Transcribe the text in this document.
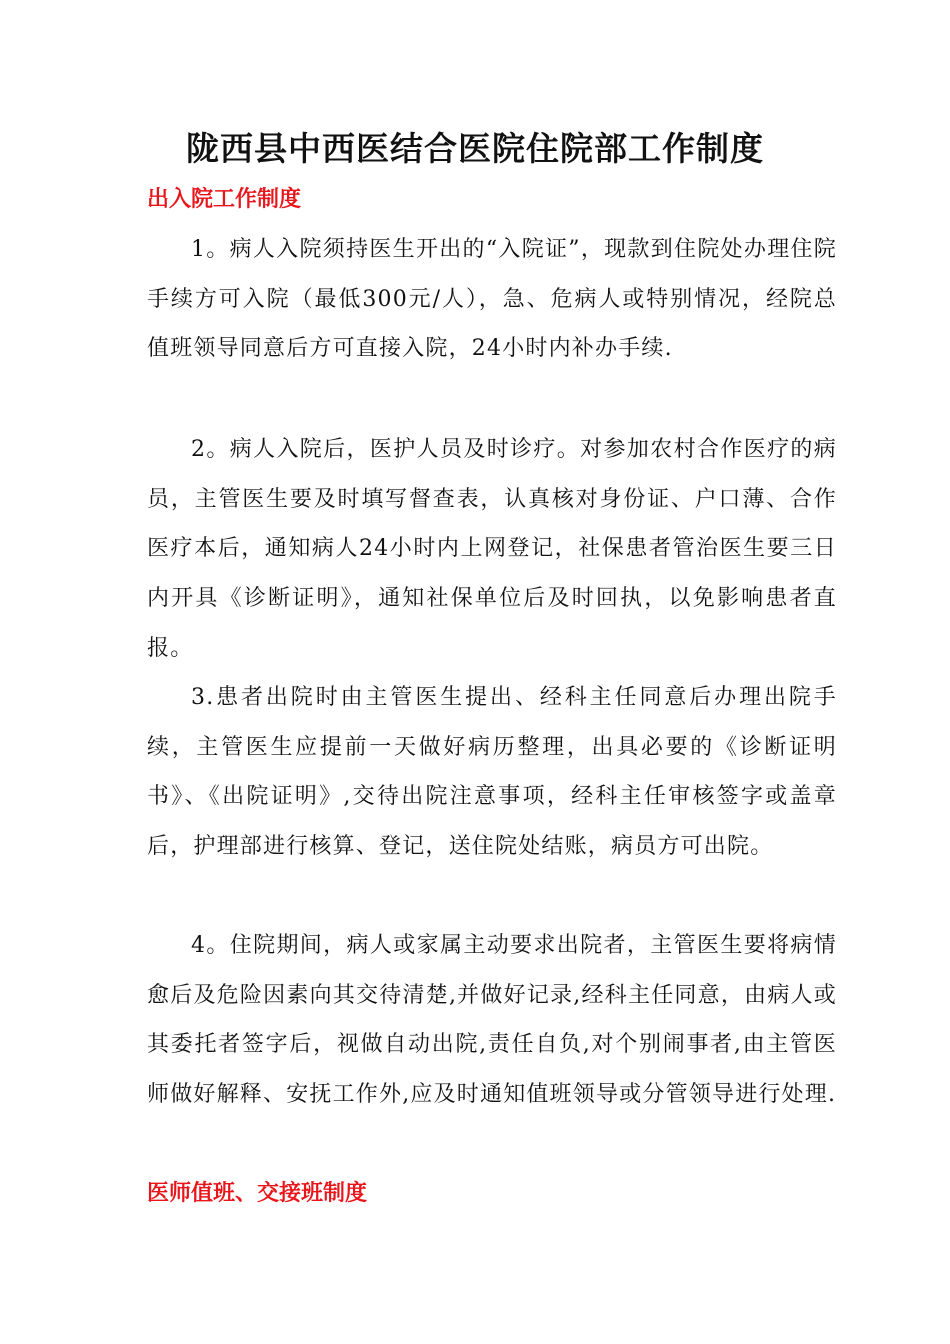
陇西县中西医结合医院住院部工作制度
出入院工作制度

1。病人入院须持医生开出的“入院证”，现款到住院处办理住院手续方可入院（最低300元/人），急、危病人或特别情况，经院总值班领导同意后方可直接入院，24小时内补办手续.

2。病人入院后，医护人员及时诊疗。对参加农村合作医疗的病员，主管医生要及时填写督查表，认真核对身份证、户口薄、合作医疗本后，通知病人24小时内上网登记，社保患者管治医生要三日内开具《诊断证明》，通知社保单位后及时回执，以免影响患者直报。

3.患者出院时由主管医生提出、经科主任同意后办理出院手续，主管医生应提前一天做好病历整理，出具必要的《诊断证明书》、《出院证明》,交待出院注意事项，经科主任审核签字或盖章后，护理部进行核算、登记，送住院处结账，病员方可出院。

4。住院期间，病人或家属主动要求出院者，主管医生要将病情愈后及危险因素向其交待清楚,并做好记录,经科主任同意，由病人或其委托者签字后，视做自动出院,责任自负,对个别闹事者,由主管医师做好解释、安抚工作外,应及时通知值班领导或分管领导进行处理.

医师值班、交接班制度
